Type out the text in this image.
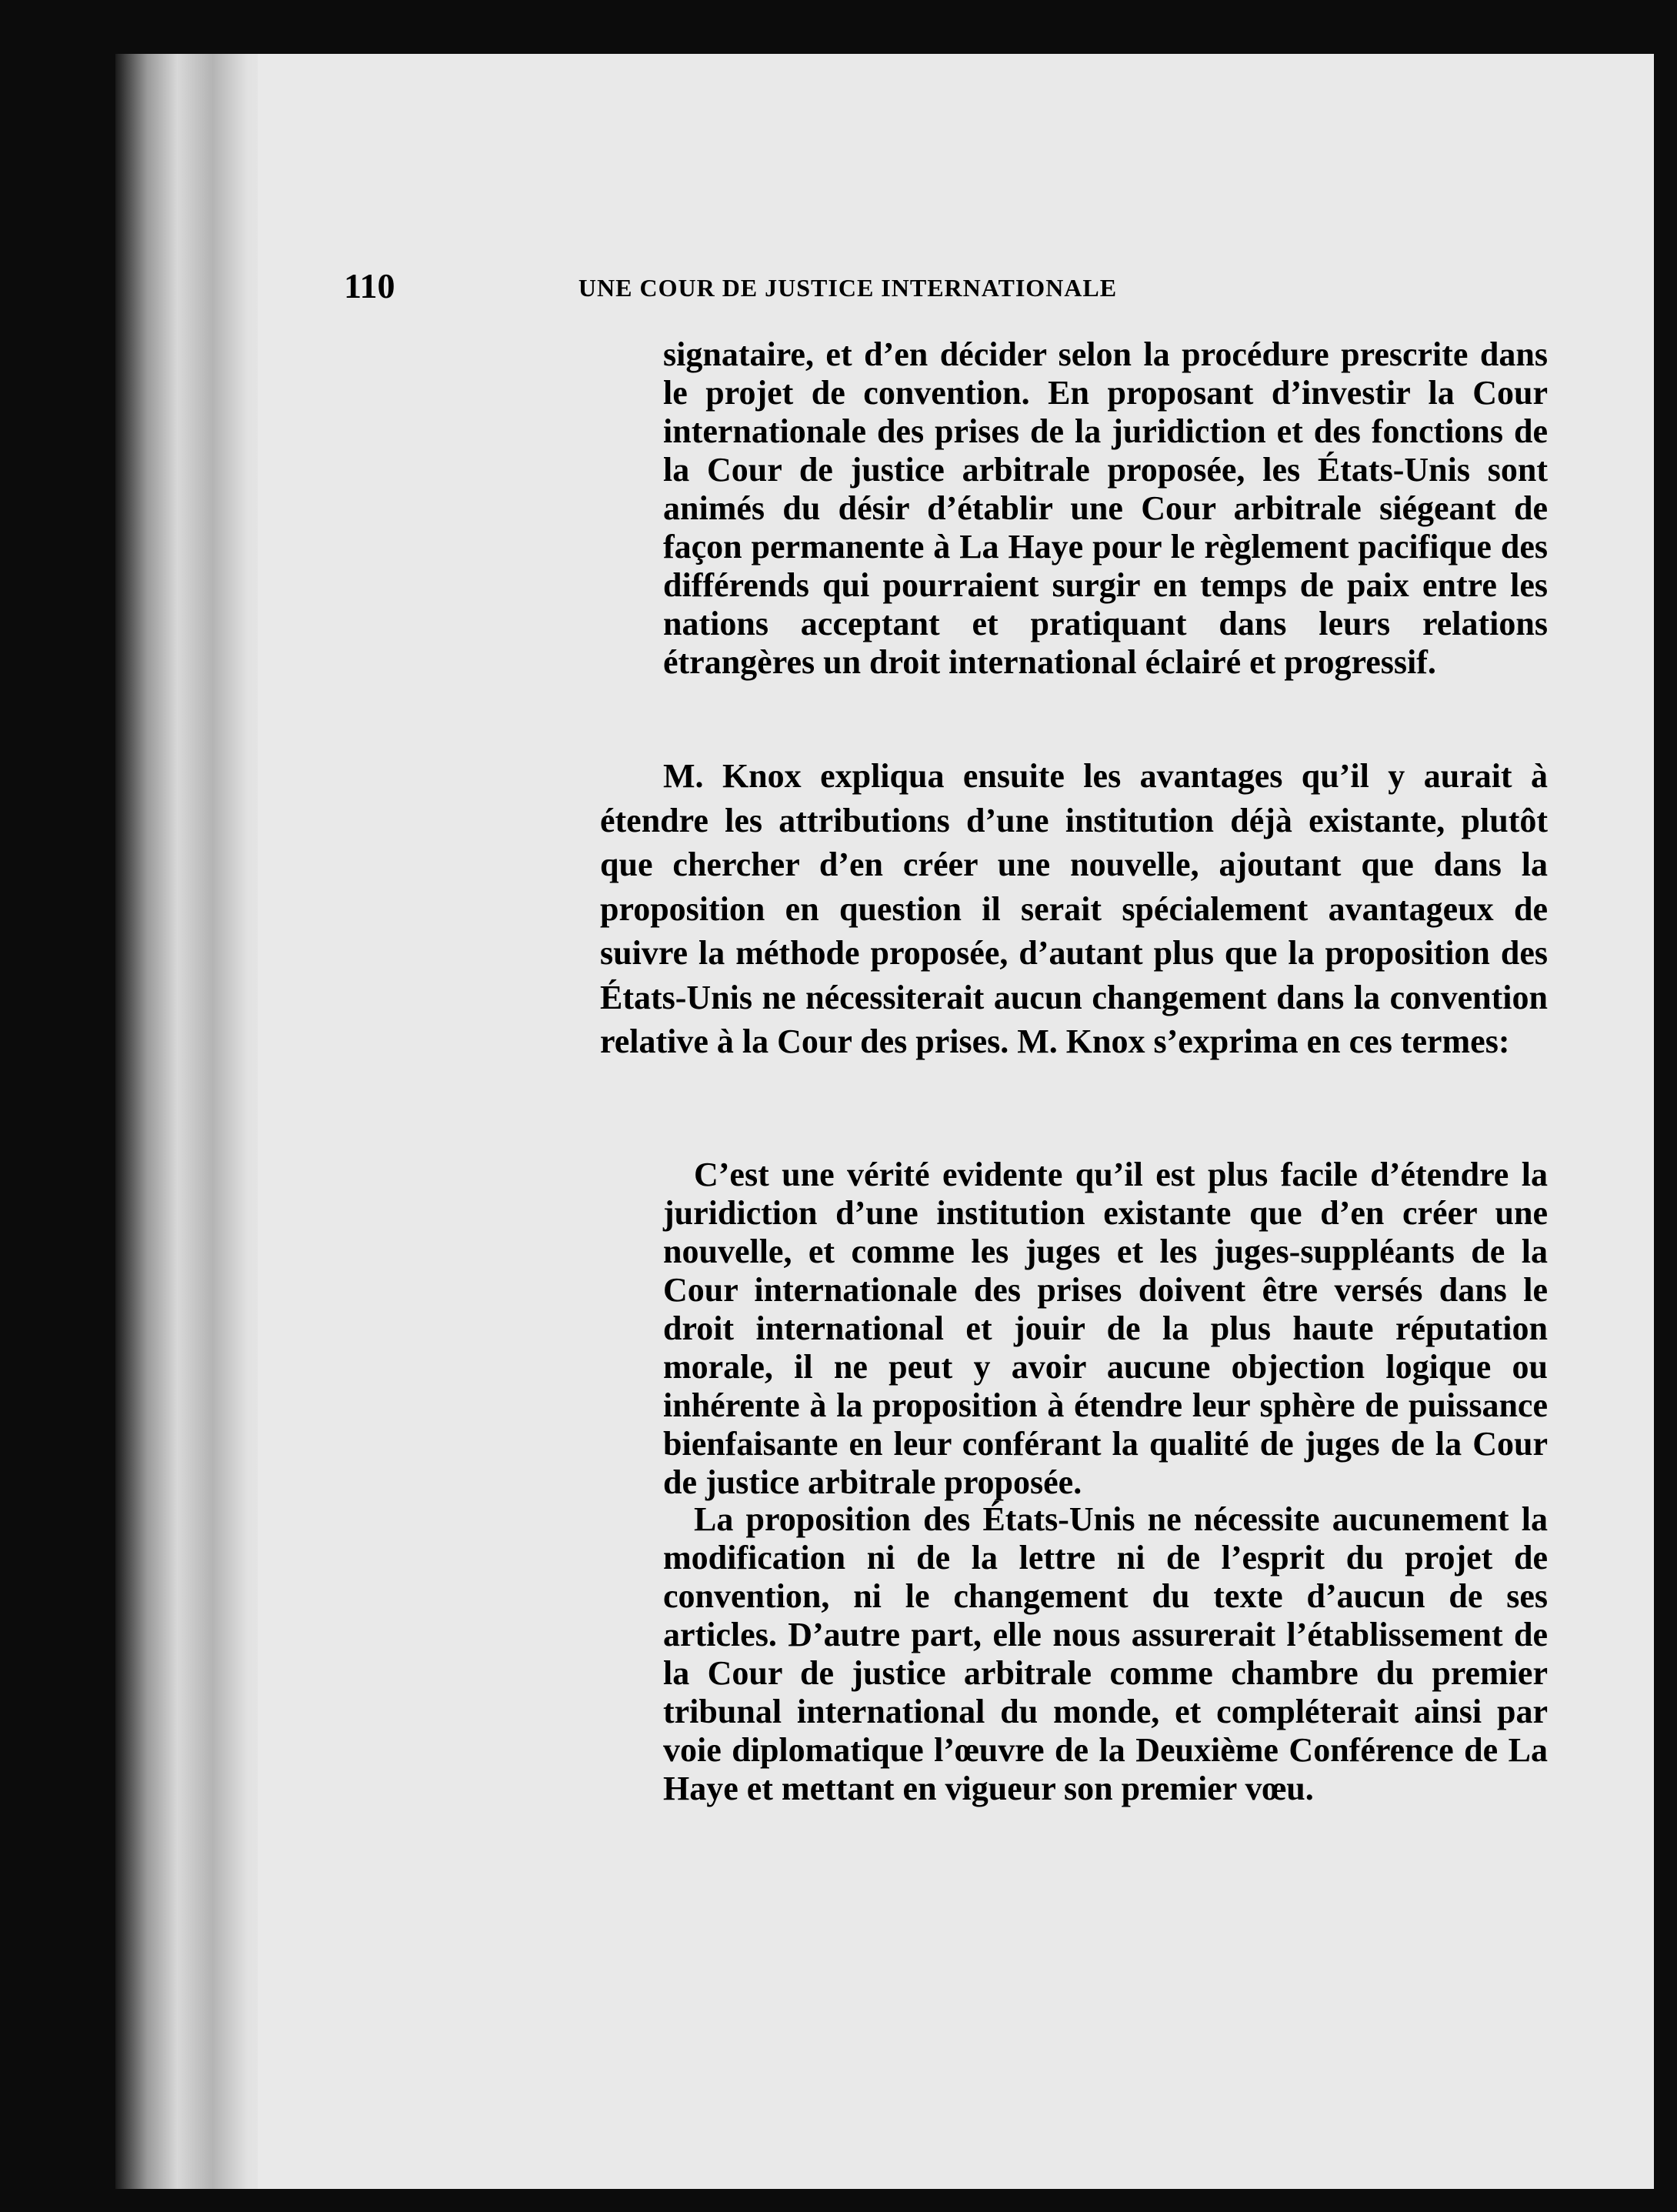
110	UNE COUR DE JUSTICE INTERNATIONALE

signataire, et d’en décider selon la procédure prescrite dans le projet de convention. En proposant d’investir la Cour internationale des prises de la juridiction et des fonctions de la Cour de justice arbitrale proposée, les États-Unis sont animés du désir d’établir une Cour arbitrale siégeant de façon permanente à La Haye pour le règlement pacifique des différends qui pourraient surgir en temps de paix entre les nations acceptant et pratiquant dans leurs relations étrangères un droit international éclairé et progressif.

M. Knox expliqua ensuite les avantages qu’il y aurait à étendre les attributions d’une institution déjà existante, plutôt que chercher d’en créer une nouvelle, ajoutant que dans la proposition en question il serait spécialement avantageux de suivre la méthode proposée, d’autant plus que la proposition des États-Unis ne nécessiterait aucun changement dans la convention relative à la Cour des prises. M. Knox s’exprima en ces termes:

C’est une vérité evidente qu’il est plus facile d’étendre la juridiction d’une institution existante que d’en créer une nouvelle, et comme les juges et les juges-suppléants de la Cour internationale des prises doivent être versés dans le droit international et jouir de la plus haute réputation morale, il ne peut y avoir aucune objection logique ou inhérente à la proposition à étendre leur sphère de puissance bienfaisante en leur conférant la qualité de juges de la Cour de justice arbitrale proposée.

La proposition des États-Unis ne nécessite aucunement la modification ni de la lettre ni de l’esprit du projet de convention, ni le changement du texte d’aucun de ses articles. D’autre part, elle nous assurerait l’établissement de la Cour de justice arbitrale comme chambre du premier tribunal international du monde, et compléterait ainsi par voie diplomatique l’œuvre de la Deuxième Conférence de La Haye et mettant en vigueur son premier vœu.
